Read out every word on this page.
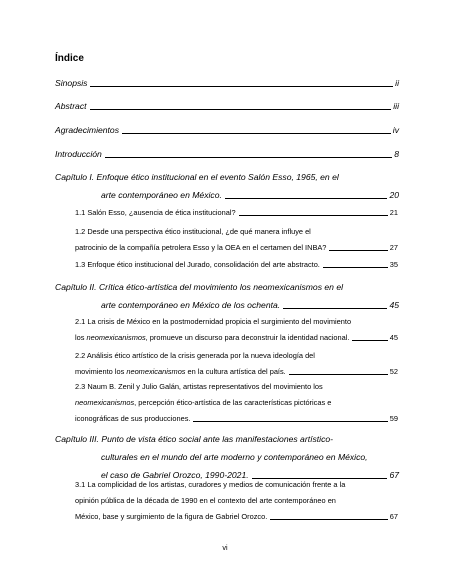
Índice
Sinopsis	ii
Abstract	iii
Agradecimientos	iv
Introducción	8
Capítulo I. Enfoque ético institucional en el evento Salón Esso, 1965, en el
arte contemporáneo en México.	20
1.1 Salón Esso, ¿ausencia de ética institucional?	21
1.2 Desde una perspectiva ético institucional, ¿de qué manera influye el
patrocinio de la compañía petrolera Esso y la OEA en el certamen del INBA?	27
1.3 Enfoque ético institucional del Jurado, consolidación del arte abstracto.	35
Capítulo II. Crítica ético-artística del movimiento los neomexicanismos en el
arte contemporáneo en México de los ochenta.	45
2.1 La crisis de México en la postmodernidad propicia el surgimiento del movimiento
los neomexicanismos, promueve un discurso para deconstruir la identidad nacional.	45
2.2 Análisis ético artístico de la crisis generada por la nueva ideología del
movimiento los neomexicanismos en la cultura artística del país.	52
2.3 Naum B. Zenil y Julio Galán, artistas representativos del movimiento los
neomexicanismos, percepción ético-artística de las características pictóricas e
iconográficas de sus producciones.	59
Capítulo III. Punto de vista ético social ante las manifestaciones artístico-
culturales en el mundo del arte moderno y contemporáneo en México,
el caso de Gabriel Orozco, 1990-2021.	67
3.1 La complicidad de los artistas, curadores y medios de comunicación frente a la
opinión pública de la década de 1990 en el contexto del arte contemporáneo en
México, base y surgimiento de la figura de Gabriel Orozco.	67
vi
